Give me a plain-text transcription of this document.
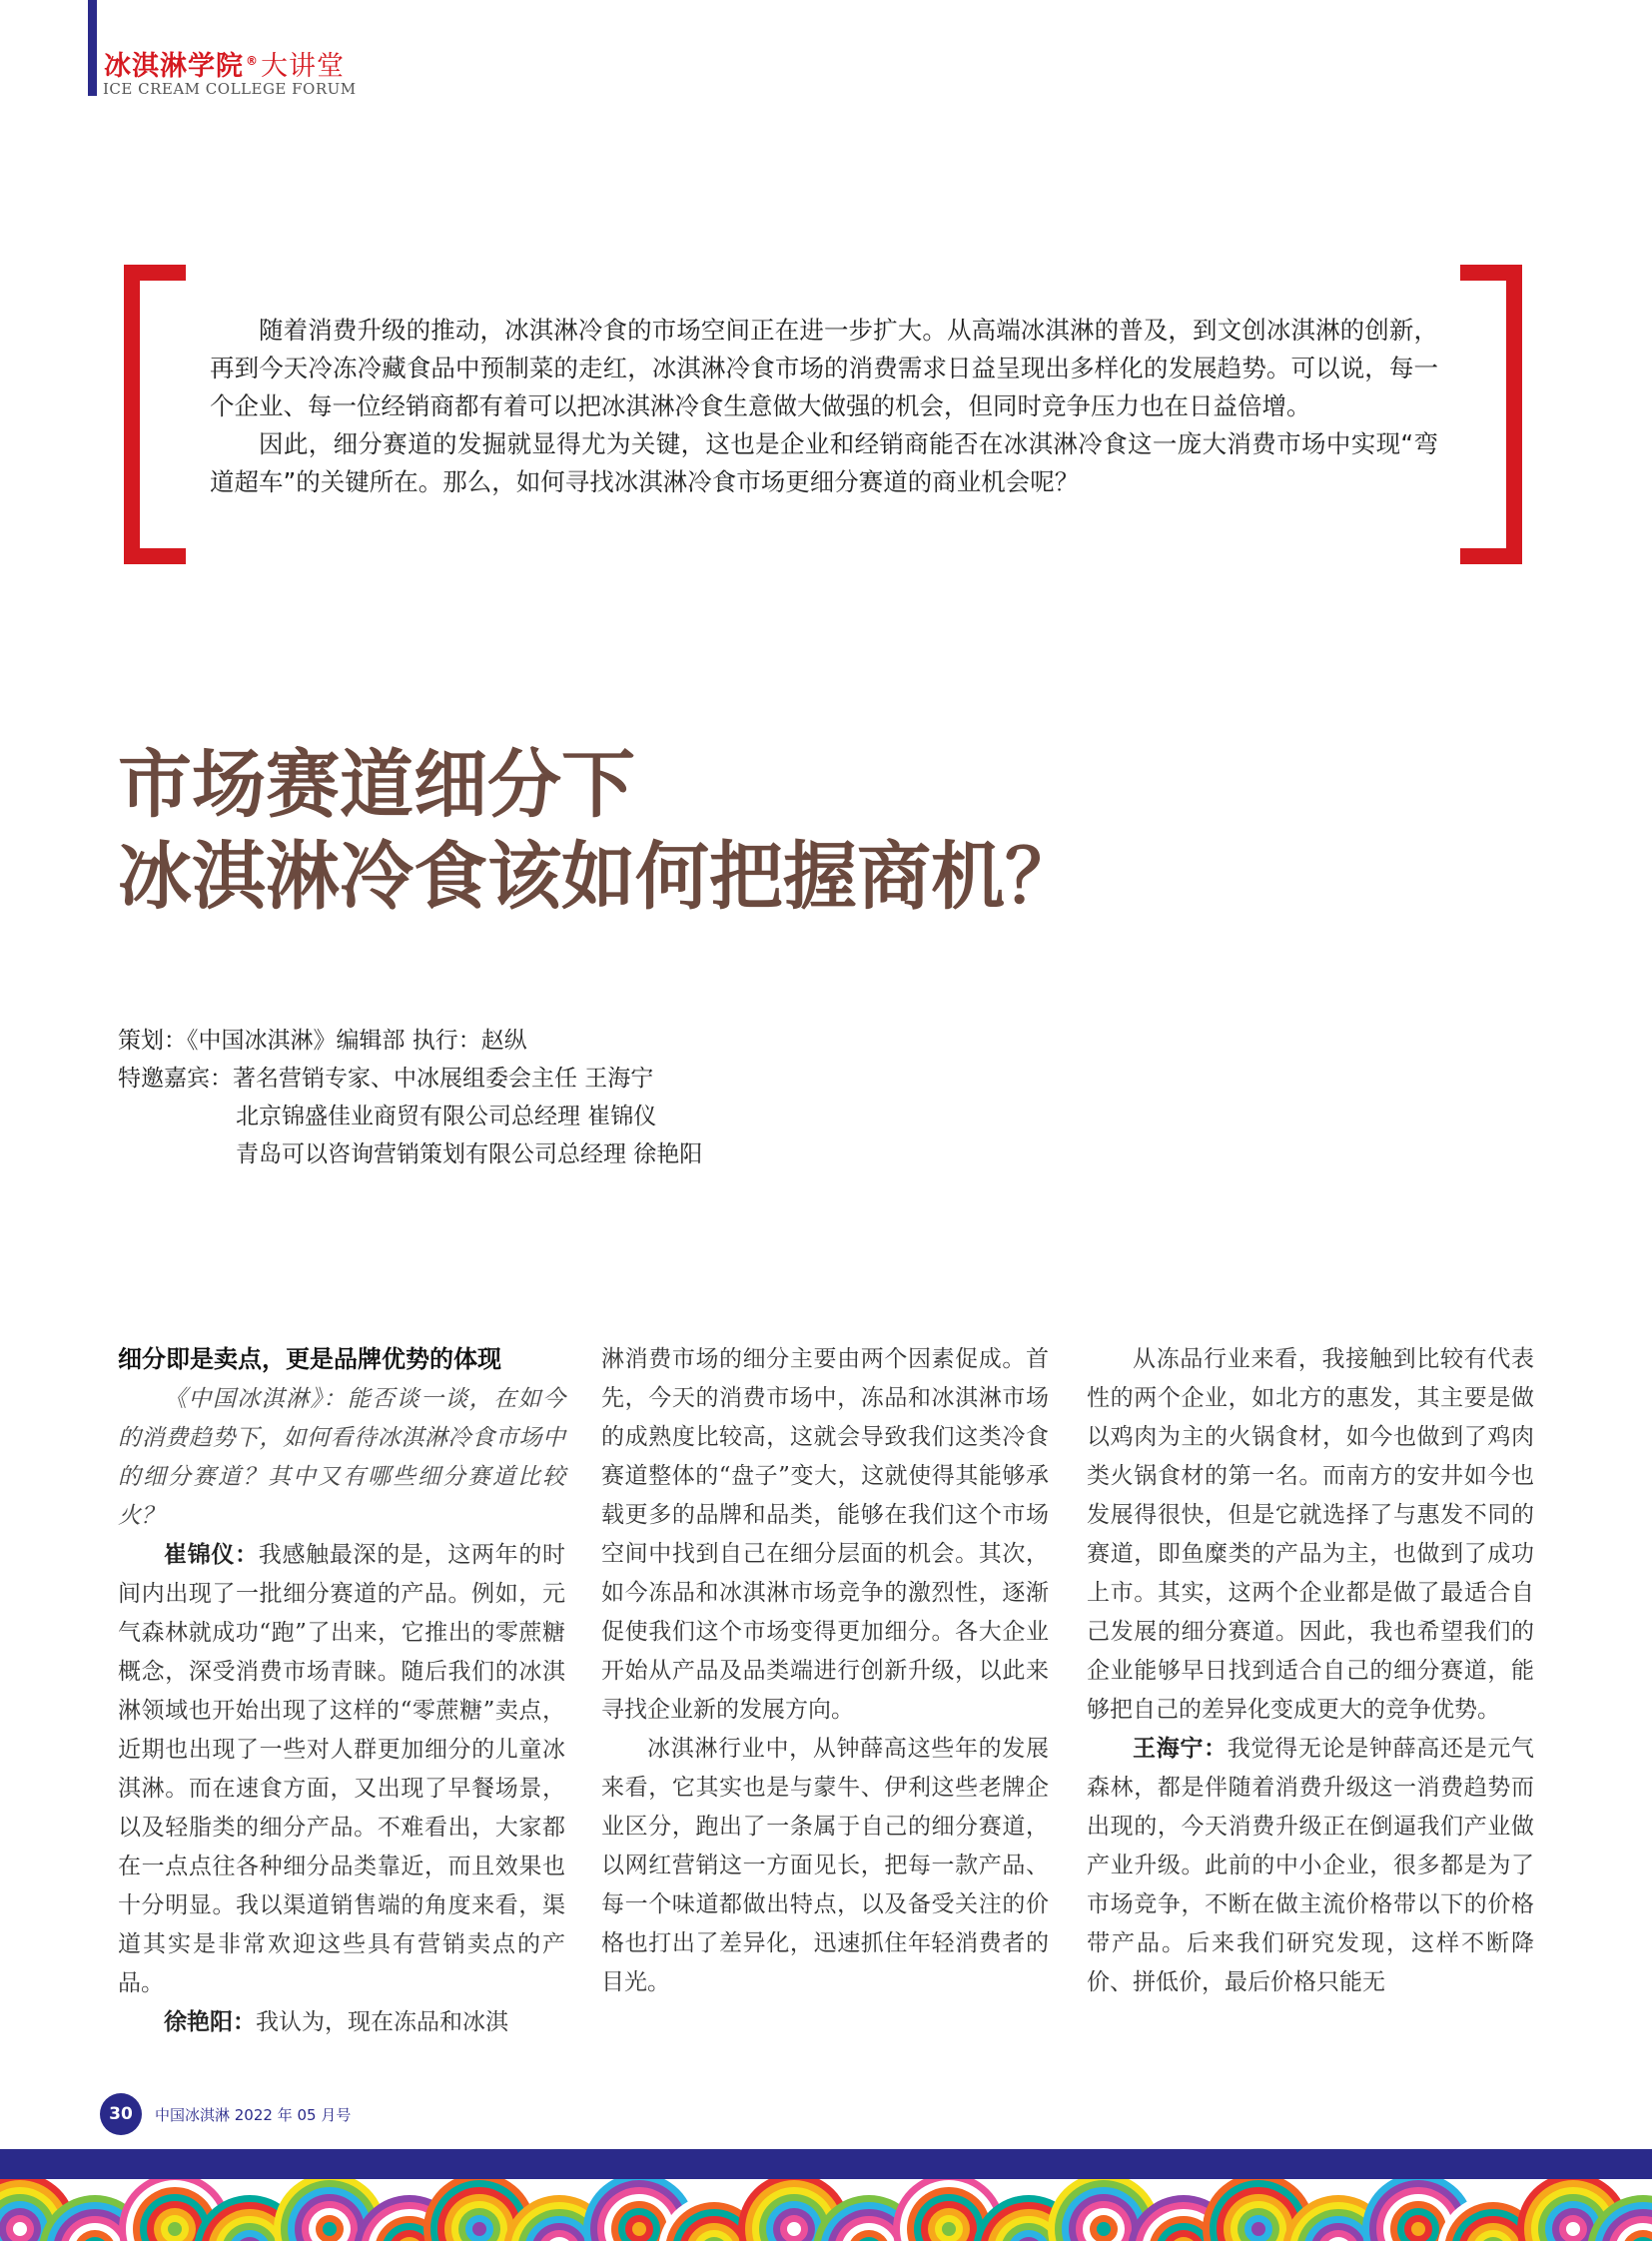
冰淇淋学院 ®大讲堂
ICE CREAM COLLEGE FORUM

随着消费升级的推动，冰淇淋冷食的市场空间正在进一步扩大。从高端冰淇淋的普及，到文创冰淇淋的创新，再到今天冷冻冷藏食品中预制菜的走红，冰淇淋冷食市场的消费需求日益呈现出多样化的发展趋势。可以说，每一个企业、每一位经销商都有着可以把冰淇淋冷食生意做大做强的机会，但同时竞争压力也在日益倍增。

因此，细分赛道的发掘就显得尤为关键，这也是企业和经销商能否在冰淇淋冷食这一庞大消费市场中实现“弯道超车”的关键所在。那么，如何寻找冰淇淋冷食市场更细分赛道的商业机会呢？

市场赛道细分下
冰淇淋冷食该如何把握商机？
策划：《中国冰淇淋》编辑部 执行：赵纵
特邀嘉宾：著名营销专家、中冰展组委会主任 王海宁
北京锦盛佳业商贸有限公司总经理 崔锦仪
青岛可以咨询营销策划有限公司总经理 徐艳阳
细分即是卖点，更是品牌优势的体现

《中国冰淇淋》：能否谈一谈，在如今的消费趋势下，如何看待冰淇淋冷食市场中的细分赛道？其中又有哪些细分赛道比较火？

崔锦仪：我感触最深的是，这两年的时间内出现了一批细分赛道的产品。例如，元气森林就成功“跑”了出来，它推出的零蔗糖概念，深受消费市场青睐。随后我们的冰淇淋领域也开始出现了这样的“零蔗糖”卖点，近期也出现了一些对人群更加细分的儿童冰淇淋。而在速食方面，又出现了早餐场景，以及轻脂类的细分产品。不难看出，大家都在一点点往各种细分品类靠近，而且效果也十分明显。我以渠道销售端的角度来看，渠道其实是非常欢迎这些具有营销卖点的产品。

徐艳阳：我认为，现在冻品和冰淇

淋消费市场的细分主要由两个因素促成。首先，今天的消费市场中，冻品和冰淇淋市场的成熟度比较高，这就会导致我们这类冷食赛道整体的“盘子”变大，这就使得其能够承载更多的品牌和品类，能够在我们这个市场空间中找到自己在细分层面的机会。其次，如今冻品和冰淇淋市场竞争的激烈性，逐渐促使我们这个市场变得更加细分。各大企业开始从产品及品类端进行创新升级，以此来寻找企业新的发展方向。

冰淇淋行业中，从钟薛高这些年的发展来看，它其实也是与蒙牛、伊利这些老牌企业区分，跑出了一条属于自己的细分赛道，以网红营销这一方面见长，把每一款产品、每一个味道都做出特点，以及备受关注的价格也打出了差异化，迅速抓住年轻消费者的目光。

从冻品行业来看，我接触到比较有代表性的两个企业，如北方的惠发，其主要是做以鸡肉为主的火锅食材，如今也做到了鸡肉类火锅食材的第一名。而南方的安井如今也发展得很快，但是它就选择了与惠发不同的赛道，即鱼糜类的产品为主，也做到了成功上市。其实，这两个企业都是做了最适合自己发展的细分赛道。因此，我也希望我们的企业能够早日找到适合自己的细分赛道，能够把自己的差异化变成更大的竞争优势。

王海宁：我觉得无论是钟薛高还是元气森林，都是伴随着消费升级这一消费趋势而出现的，今天消费升级正在倒逼我们产业做产业升级。此前的中小企业，很多都是为了市场竞争，不断在做主流价格带以下的价格带产品。后来我们研究发现，这样不断降价、拼低价，最后价格只能无

30	中国冰淇淋 2022 年 05 月号
